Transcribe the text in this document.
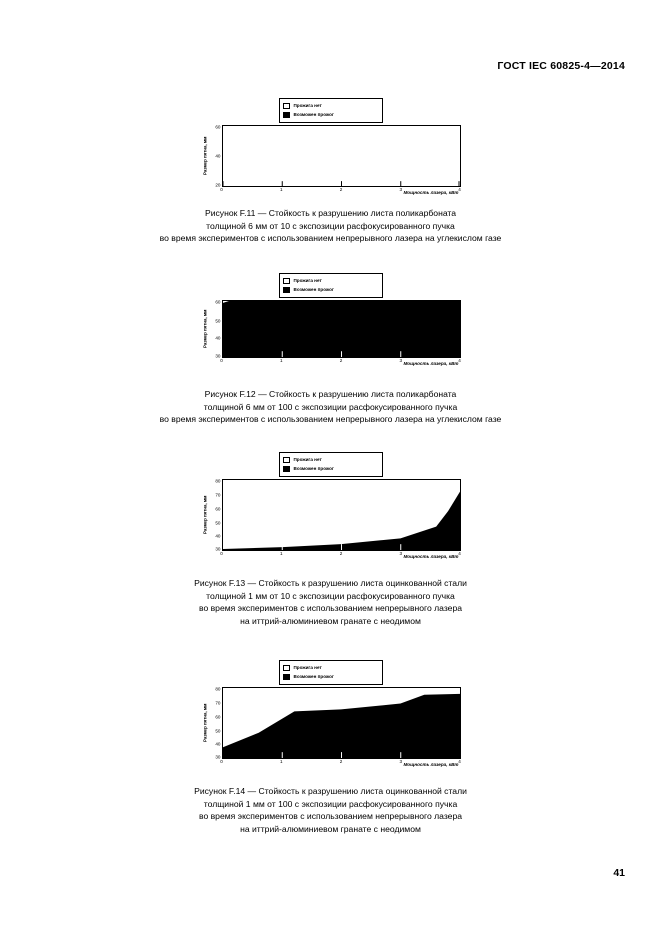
ГОСТ IEC 60825-4—2014
Прожига нет
Возможен прожог
Размер пятна, мм
60
40
20
0	1	2	3	4
Мощность лазера, кВт
Рисунок F.11 — Стойкость к разрушению листа поликарбоната
толщиной 6 мм от 10 с экспозиции расфокусированного пучка
во время экспериментов с использованием непрерывного лазера на углекислом газе
Прожига нет
Возможен прожог
Размер пятна, мм
60
50
40
30
0	1	2	3	4
Мощность лазера, кВт
Рисунок F.12 — Стойкость к разрушению листа поликарбоната
толщиной 6 мм от 100 с экспозиции расфокусированного пучка
во время экспериментов с использованием непрерывного лазера на углекислом газе
Прожига нет
Возможен прожог
Размер пятна, мм
80
70
60
50
40
30
0	1	2	3	4
Мощность лазера, кВт
Рисунок F.13 — Стойкость к разрушению листа оцинкованной стали
толщиной 1 мм от 10 с экспозиции расфокусированного пучка
во время экспериментов с использованием непрерывного лазера
на иттрий-алюминиевом гранате с неодимом
Прожига нет
Возможен прожог
Размер пятна, мм
80
70
60
50
40
30
0	1	2	3	4
Мощность лазера, кВт
Рисунок F.14 — Стойкость к разрушению листа оцинкованной стали
толщиной 1 мм от 100 с экспозиции расфокусированного пучка
во время экспериментов с использованием непрерывного лазера
на иттрий-алюминиевом гранате с неодимом
41
